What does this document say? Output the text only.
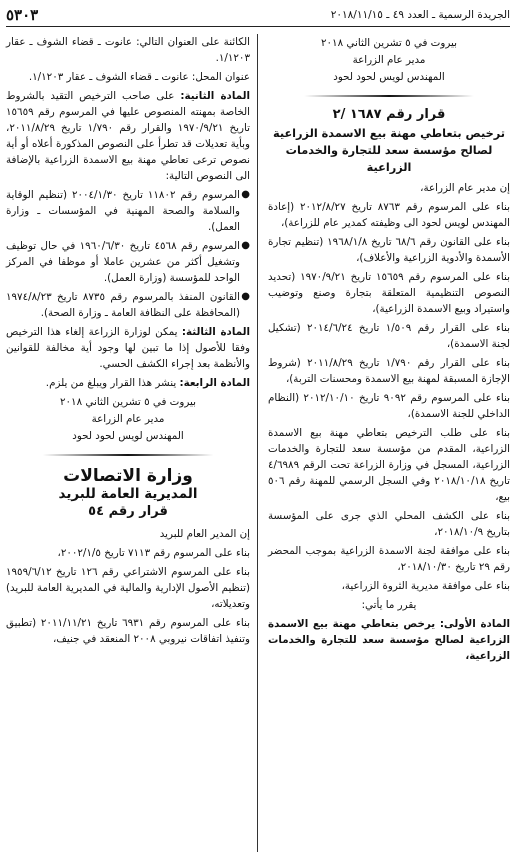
الجريدة الرسمية ـ العدد ٤٩ ـ ٢٠١٨/١١/١٥
٥٣٠٣

بيروت في ٥ تشرين الثاني ٢٠١٨

مدير عام الزراعة

المهندس لويس لحود لحود

قرار رقم ١٦٨٧ /٢

ترخيص بتعاطي مهنة بيع الاسمدة الزراعية لصالح مؤسسة سعد للتجارة والخدمات الزراعية

إن مدير عام الزراعة،

بناء على المرسوم رقم ٨٧٦٣ تاريخ ٢٠١٢/٨/٢٧ (إعادة المهندس لويس لحود الى وظيفته كمدير عام للزراعة)،

بناء على القانون رقم ٦٨/٦ تاريخ ١٩٦٨/١/٨ (تنظيم تجارة الأسمدة والأدوية الزراعية والأعلاف)،

بناء على المرسوم رقم ١٥٦٥٩ تاريخ ١٩٧٠/٩/٢١ (تحديد النصوص التنظيمية المتعلقة بتجارة وصنع وتوضيب واستيراد وبيع الاسمدة الزراعية)،

بناء على القرار رقم ١/٥٠٩ تاريخ ٢٠١٤/٦/٢٤ (تشكيل لجنة الاسمدة)،

بناء على القرار رقم ١/٧٩٠ تاريخ ٢٠١١/٨/٢٩ (شروط الإجازة المسبقة لمهنة بيع الاسمدة ومحسنات التربة)،

بناء على المرسوم رقم ٩٠٩٢ تاريخ ٢٠١٢/١٠/١٠ (النظام الداخلي للجنة الاسمدة)،

بناء على طلب الترخيص بتعاطي مهنة بيع الاسمدة الزراعية، المقدم من مؤسسة سعد للتجارة والخدمات الزراعية، المسجل في وزارة الزراعة تحت الرقم ٤/٦٩٨٩ تاريخ ٢٠١٨/١٠/١٨ وفي السجل الرسمي للمهنة رقم ٥٠٦ بيع،

بناء على الكشف المحلي الذي جرى على المؤسسة بتاريخ ٢٠١٨/١٠/٩،

بناء على موافقة لجنة الاسمدة الزراعية بموجب المحضر رقم ٢٩ تاريخ ٢٠١٨/١٠/٣٠،

بناء على موافقة مديرية الثروة الزراعية،

يقرر ما يأتي:

المادة الأولى: يرخص بتعاطي مهنة بيع الاسمدة الزراعية لصالح مؤسسة سعد للتجارة والخدمات الزراعية،

الكائنة على العنوان التالي: عانوت ـ قضاء الشوف ـ عقار ١/١٢٠٣.

عنوان المحل: عانوت ـ قضاء الشوف ـ عقار ١/١٢٠٣.

المادة الثانية: على صاحب الترخيص التقيد بالشروط الخاصة بمهنته المنصوص عليها في المرسوم رقم ١٥٦٥٩ تاريخ ١٩٧٠/٩/٢١ والقرار رقم ١/٧٩٠ تاريخ ٢٠١١/٨/٢٩، وبأية تعديلات قد تطرأ على النصوص المذكورة أعلاه أو أية نصوص ترعى تعاطي مهنة بيع الاسمدة الزراعية بالإضافة الى النصوص التالية:

●
المرسوم رقم ١١٨٠٢ تاريخ ٢٠٠٤/١/٣٠ (تنظيم الوقاية والسلامة والصحة المهنية في المؤسسات ـ وزارة العمل).

●
المرسوم رقم ٤٥٦٨ تاريخ ١٩٦٠/٦/٣٠ في حال توظيف وتشغيل أكثر من عشرين عاملا أو موظفا في المركز الواحد للمؤسسة (وزارة العمل).

●
القانون المنفذ بالمرسوم رقم ٨٧٣٥ تاريخ ١٩٧٤/٨/٢٣ (المحافظة على النظافة العامة ـ وزارة الصحة).

المادة الثالثة: يمكن لوزارة الزراعة إلغاء هذا الترخيص وفقا للأصول إذا ما تبين لها وجود أية مخالفة للقوانين والأنظمة بعد إجراء الكشف الحسي.

المادة الرابعة: ينشر هذا القرار ويبلغ من يلزم.

بيروت في ٥ تشرين الثاني ٢٠١٨

مدير عام الزراعة

المهندس لويس لحود لحود

وزارة الاتصالات

المديرية العامة للبريد

قرار رقم ٥٤

إن المدير العام للبريد

بناء على المرسوم رقم ٧١١٣ تاريخ ٢٠٠٢/١/٥،

بناء على المرسوم الاشتراعي رقم ١٢٦ تاريخ ١٩٥٩/٦/١٢ (تنظيم الأصول الإدارية والمالية في المديرية العامة للبريد) وتعديلاته،

بناء على المرسوم رقم ٦٩٣١ تاريخ ٢٠١١/١١/٢١ (تطبيق وتنفيذ اتفاقات نيروبي ٢٠٠٨ المنعقد في جنيف،
